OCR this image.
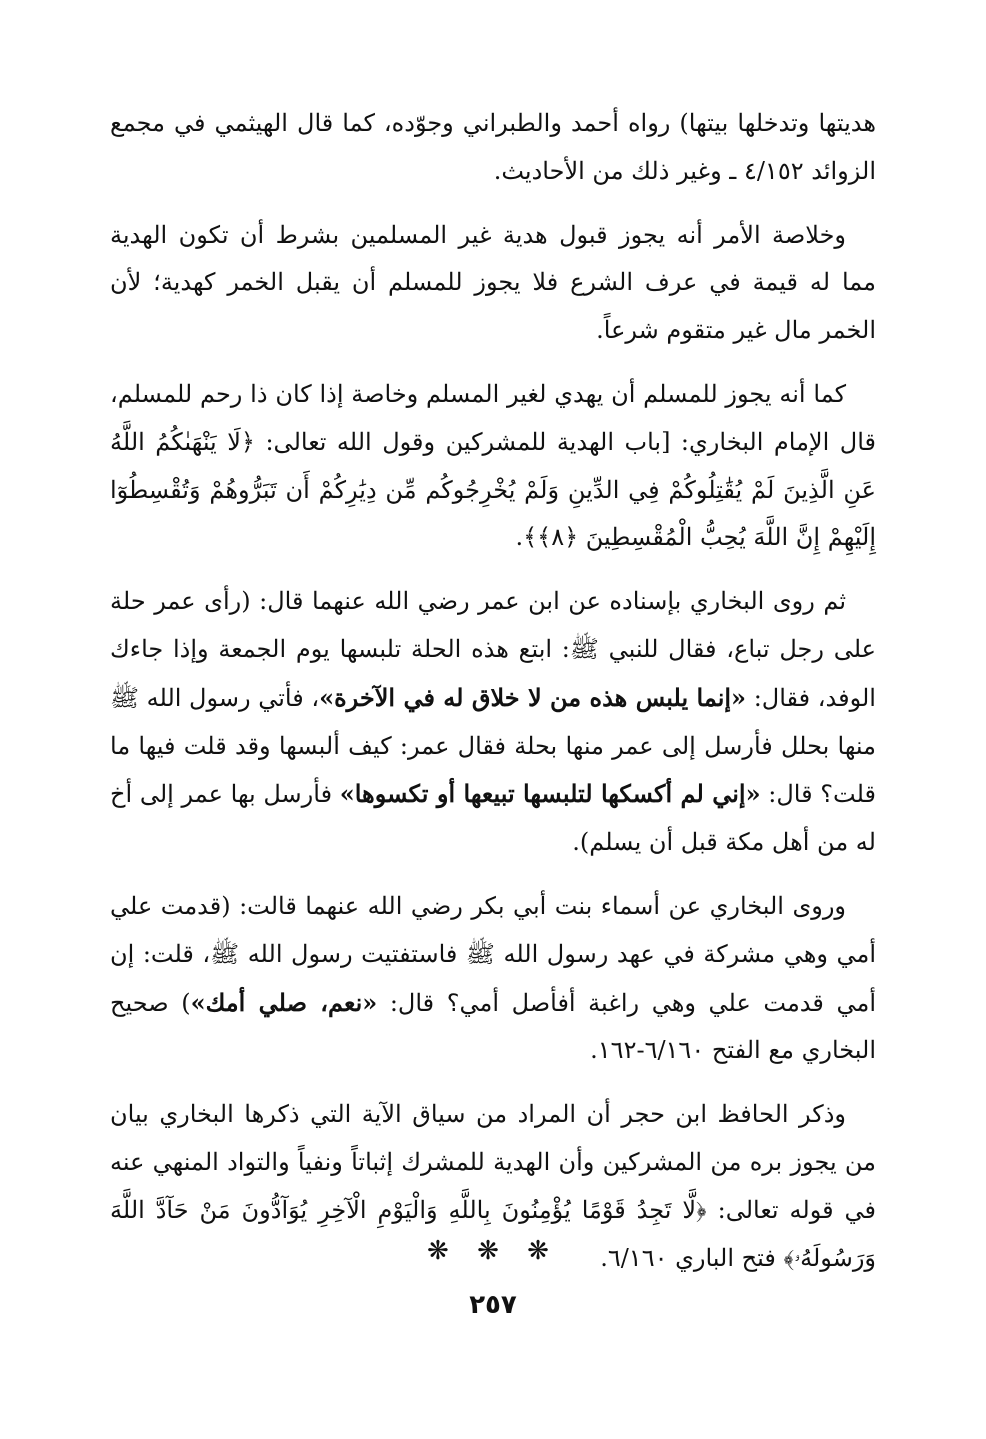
هديتها وتدخلها بيتها) رواه أحمد والطبراني وجوّده، كما قال الهيثمي في مجمع الزوائد ٤/١٥٢ ـ وغير ذلك من الأحاديث.

وخلاصة الأمر أنه يجوز قبول هدية غير المسلمين بشرط أن تكون الهدية مما له قيمة في عرف الشرع فلا يجوز للمسلم أن يقبل الخمر كهدية؛ لأن الخمر مال غير متقوم شرعاً.

كما أنه يجوز للمسلم أن يهدي لغير المسلم وخاصة إذا كان ذا رحم للمسلم، قال الإمام البخاري: [باب الهدية للمشركين وقول الله تعالى: ﴿لَا يَنْهَىٰكُمُ اللَّهُ عَنِ الَّذِينَ لَمْ يُقَٰتِلُوكُمْ فِي الدِّينِ وَلَمْ يُخْرِجُوكُم مِّن دِيَٰرِكُمْ أَن تَبَرُّوهُمْ وَتُقْسِطُوٓا إِلَيْهِمْ إِنَّ اللَّهَ يُحِبُّ الْمُقْسِطِينَ ﴿٨﴾﴾.

ثم روى البخاري بإسناده عن ابن عمر رضي الله عنهما قال: (رأى عمر حلة على رجل تباع، فقال للنبي ﷺ: ابتع هذه الحلة تلبسها يوم الجمعة وإذا جاءك الوفد، فقال: «إنما يلبس هذه من لا خلاق له في الآخرة»، فأتي رسول الله ﷺ منها بحلل فأرسل إلى عمر منها بحلة فقال عمر: كيف ألبسها وقد قلت فيها ما قلت؟ قال: «إني لم أكسكها لتلبسها تبيعها أو تكسوها» فأرسل بها عمر إلى أخ له من أهل مكة قبل أن يسلم).

وروى البخاري عن أسماء بنت أبي بكر رضي الله عنهما قالت: (قدمت علي أمي وهي مشركة في عهد رسول الله ﷺ فاستفتيت رسول الله ﷺ، قلت: إن أمي قدمت علي وهي راغبة أفأصل أمي؟ قال: «نعم، صلي أمك») صحيح البخاري مع الفتح ٦/١٦٠-١٦٢.

وذكر الحافظ ابن حجر أن المراد من سياق الآية التي ذكرها البخاري بيان من يجوز بره من المشركين وأن الهدية للمشرك إثباتاً ونفياً والتواد المنهي عنه في قوله تعالى: ﴿لَّا تَجِدُ قَوْمًا يُؤْمِنُونَ بِاللَّهِ وَالْيَوْمِ الْآخِرِ يُوَآدُّونَ مَنْ حَآدَّ اللَّهَ وَرَسُولَهُۥ﴾ فتح الباري ٦/١٦٠.

❋ ❋ ❋
٢٥٧
